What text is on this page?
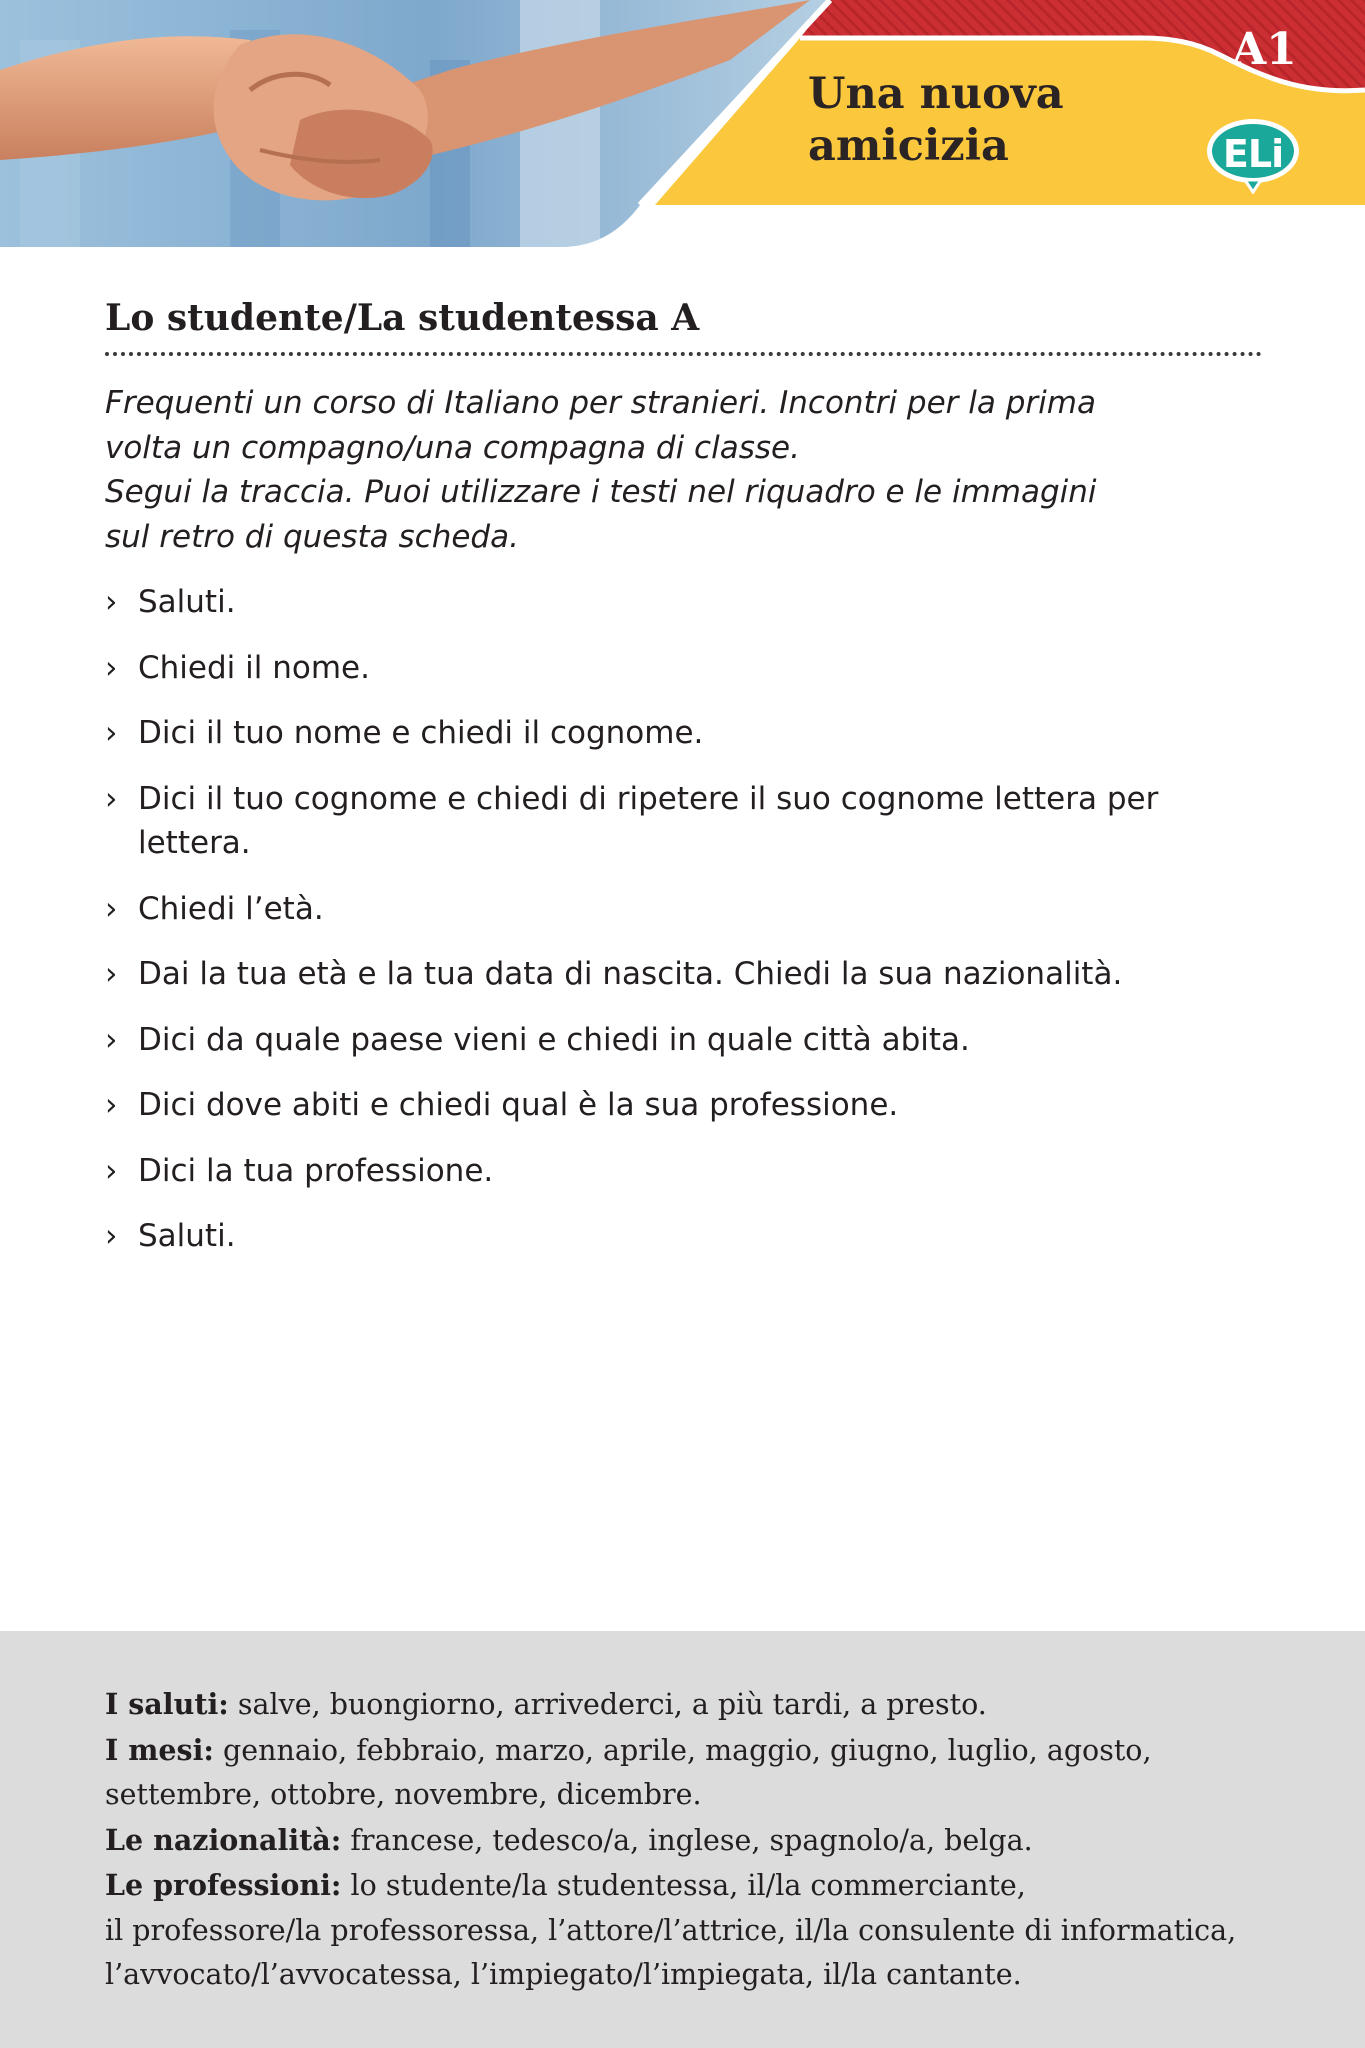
Una nuova
amicizia
A1
ELi
Lo studente/La studentessa A

Frequenti un corso di Italiano per stranieri. Incontri per la prima
volta un compagno/una compagna di classe.
Segui la traccia. Puoi utilizzare i testi nel riquadro e le immagini
sul retro di questa scheda.

› Saluti.
› Chiedi il nome.
› Dici il tuo nome e chiedi il cognome.
› Dici il tuo cognome e chiedi di ripetere il suo cognome lettera per lettera.
› Chiedi l’età.
› Dai la tua età e la tua data di nascita. Chiedi la sua nazionalità.
› Dici da quale paese vieni e chiedi in quale città abita.
› Dici dove abiti e chiedi qual è la sua professione.
› Dici la tua professione.
› Saluti.
I saluti: salve, buongiorno, arrivederci, a più tardi, a presto.
I mesi: gennaio, febbraio, marzo, aprile, maggio, giugno, luglio, agosto,
settembre, ottobre, novembre, dicembre.
Le nazionalità: francese, tedesco/a, inglese, spagnolo/a, belga.
Le professioni: lo studente/la studentessa, il/la commerciante,
il professore/la professoressa, l’attore/l’attrice, il/la consulente di informatica,
l’avvocato/l’avvocatessa, l’impiegato/l’impiegata, il/la cantante.
